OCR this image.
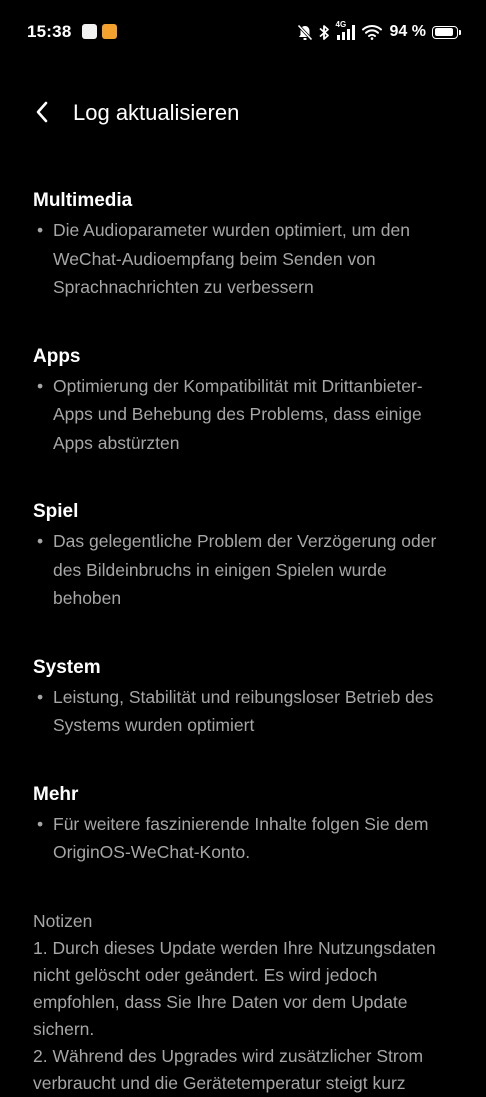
15:38	4G	94 %
Log aktualisieren
Multimedia
• Die Audioparameter wurden optimiert, um den WeChat-Audioempfang beim Senden von Sprachnachrichten zu verbessern
Apps
• Optimierung der Kompatibilität mit Drittanbieter-Apps und Behebung des Problems, dass einige Apps abstürzten
Spiel
• Das gelegentliche Problem der Verzögerung oder des Bildeinbruchs in einigen Spielen wurde behoben
System
• Leistung, Stabilität und reibungsloser Betrieb des Systems wurden optimiert
Mehr
• Für weitere faszinierende Inhalte folgen Sie dem OriginOS-WeChat-Konto.
Notizen
1. Durch dieses Update werden Ihre Nutzungsdaten nicht gelöscht oder geändert. Es wird jedoch empfohlen, dass Sie Ihre Daten vor dem Update sichern.
2. Während des Upgrades wird zusätzlicher Strom verbraucht und die Gerätetemperatur steigt kurz
